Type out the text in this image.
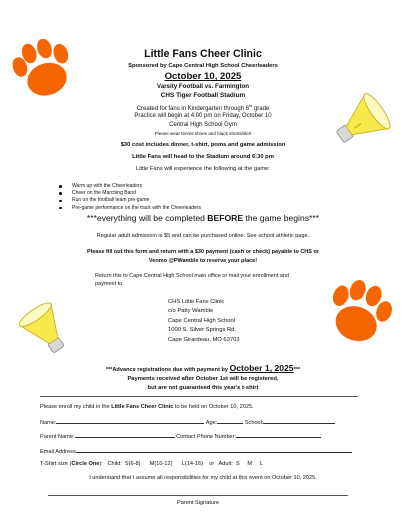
Little Fans Cheer Clinic
Sponsored by Cape Central High School Cheerleaders
October 10, 2025
Varsity Football vs. Farmington
CHS Tiger Football Stadium
Created for fans in Kindergarten through 6th grade
Practice will begin at 4:00 pm on Friday, October 10
Central High School Gym
Please wear tennis shoes and black shorts/skirt
$30 cost includes dinner, t-shirt, poms and game admission
Little Fans will head to the Stadium around 6:30 pm
Little Fans will experience the following at the game:
Warm up with the Cheerleaders
Cheer on the Marching Band
Run on the football team pre-game
Pre-game performance on the track with the Cheerleaders
***everything will be completed BEFORE the game begins***
Regular adult admission is $5 and can be purchased online. See school athletic page.
Please fill out this form and return with a $30 payment (cash or check) payable to CHS or
Venmo @PWamble to reserve your place!
Return this to Cape Central High School main office or mail your enrollment and
payment to:
CHS Little Fans Clinic
c/o Patty Wamble
Cape Central High School
1000 S. Silver Springs Rd.
Cape Girardeau, MO 63703
***Advance registrations due with payment by October 1, 2025***
Payments received after October 1st will be registered,
but are not guaranteed this year's t-shirt
Please enroll my child in the Little Fans Cheer Clinic to be held on October 10, 2025.
Name:	Age:	School:
Parent Name:	Contact Phone Number:
Email Address
T-Shirt size (Circle One): Child: S(6-8)      M(10-12)      L(14-16) or Adult: S     M     L
I understand that I assume all responsibilities for my child at this event on October 10, 2025.
Parent Signature
